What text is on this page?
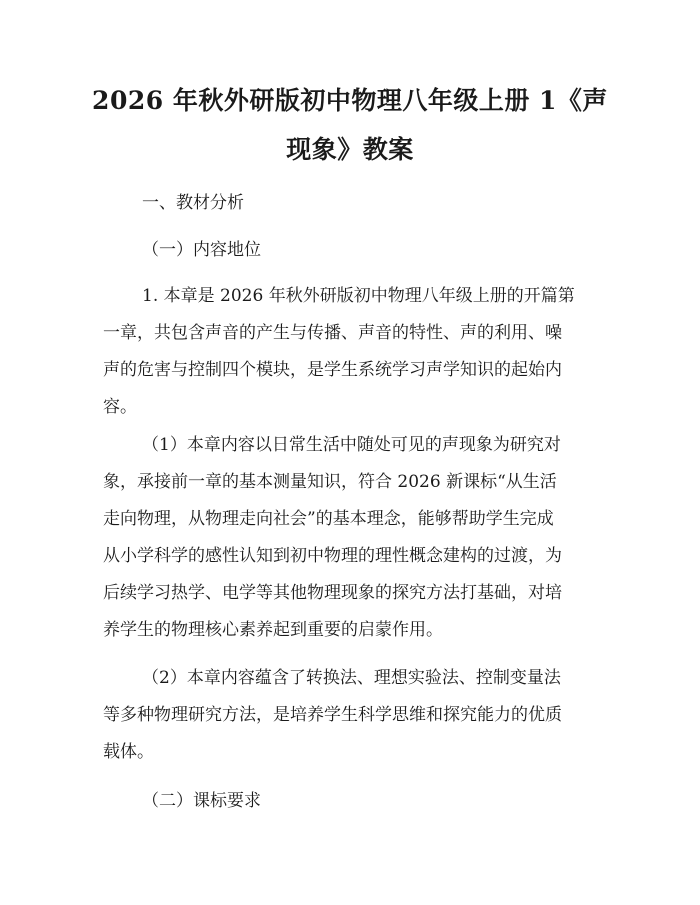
2026 年秋外研版初中物理八年级上册 1《声
现象》教案
一、教材分析
（一）内容地位
1. 本章是 2026 年秋外研版初中物理八年级上册的开篇第
一章，共包含声音的产生与传播、声音的特性、声的利用、噪
声的危害与控制四个模块，是学生系统学习声学知识的起始内
容。
（1）本章内容以日常生活中随处可见的声现象为研究对
象，承接前一章的基本测量知识，符合 2026 新课标“从生活
走向物理，从物理走向社会”的基本理念，能够帮助学生完成
从小学科学的感性认知到初中物理的理性概念建构的过渡，为
后续学习热学、电学等其他物理现象的探究方法打基础，对培
养学生的物理核心素养起到重要的启蒙作用。
（2）本章内容蕴含了转换法、理想实验法、控制变量法
等多种物理研究方法，是培养学生科学思维和探究能力的优质
载体。
（二）课标要求
